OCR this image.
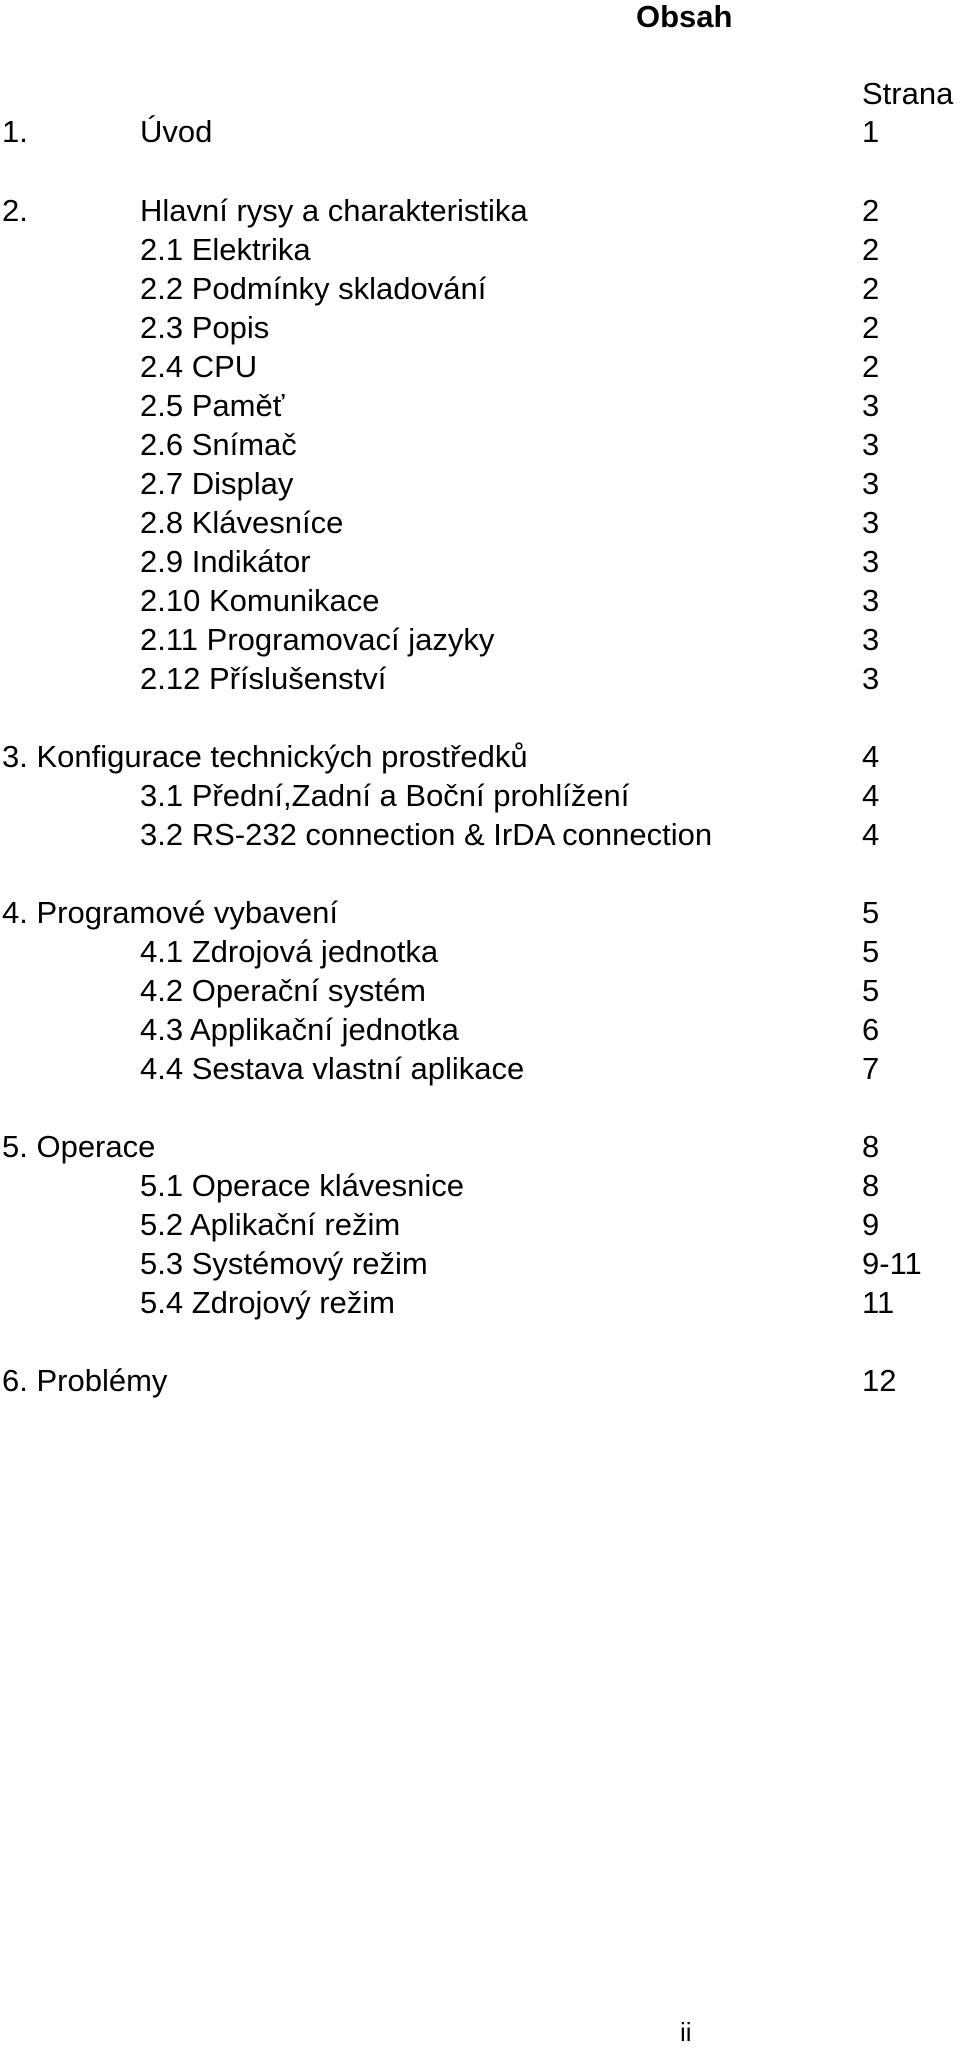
Obsah
Strana
1.	Úvod	1
2.	Hlavní rysy a charakteristika	2
2.1 Elektrika	2
2.2 Podmínky skladování	2
2.3 Popis	2
2.4 CPU	2
2.5 Paměť	3
2.6 Snímač	3
2.7 Display	3
2.8 Klávesníce	3
2.9 Indikátor	3
2.10 Komunikace	3
2.11 Programovací jazyky	3
2.12 Příslušenství	3
3. Konfigurace technických prostředků	4
3.1 Přední,Zadní a Boční prohlížení	4
3.2 RS-232 connection & IrDA connection	4
4. Programové vybavení	5
4.1 Zdrojová jednotka	5
4.2 Operační systém	5
4.3 Applikační jednotka	6
4.4 Sestava vlastní aplikace	7
5. Operace	8
5.1 Operace klávesnice	8
5.2 Aplikační režim	9
5.3 Systémový režim	9-11
5.4 Zdrojový režim	11
6. Problémy	12
ii
